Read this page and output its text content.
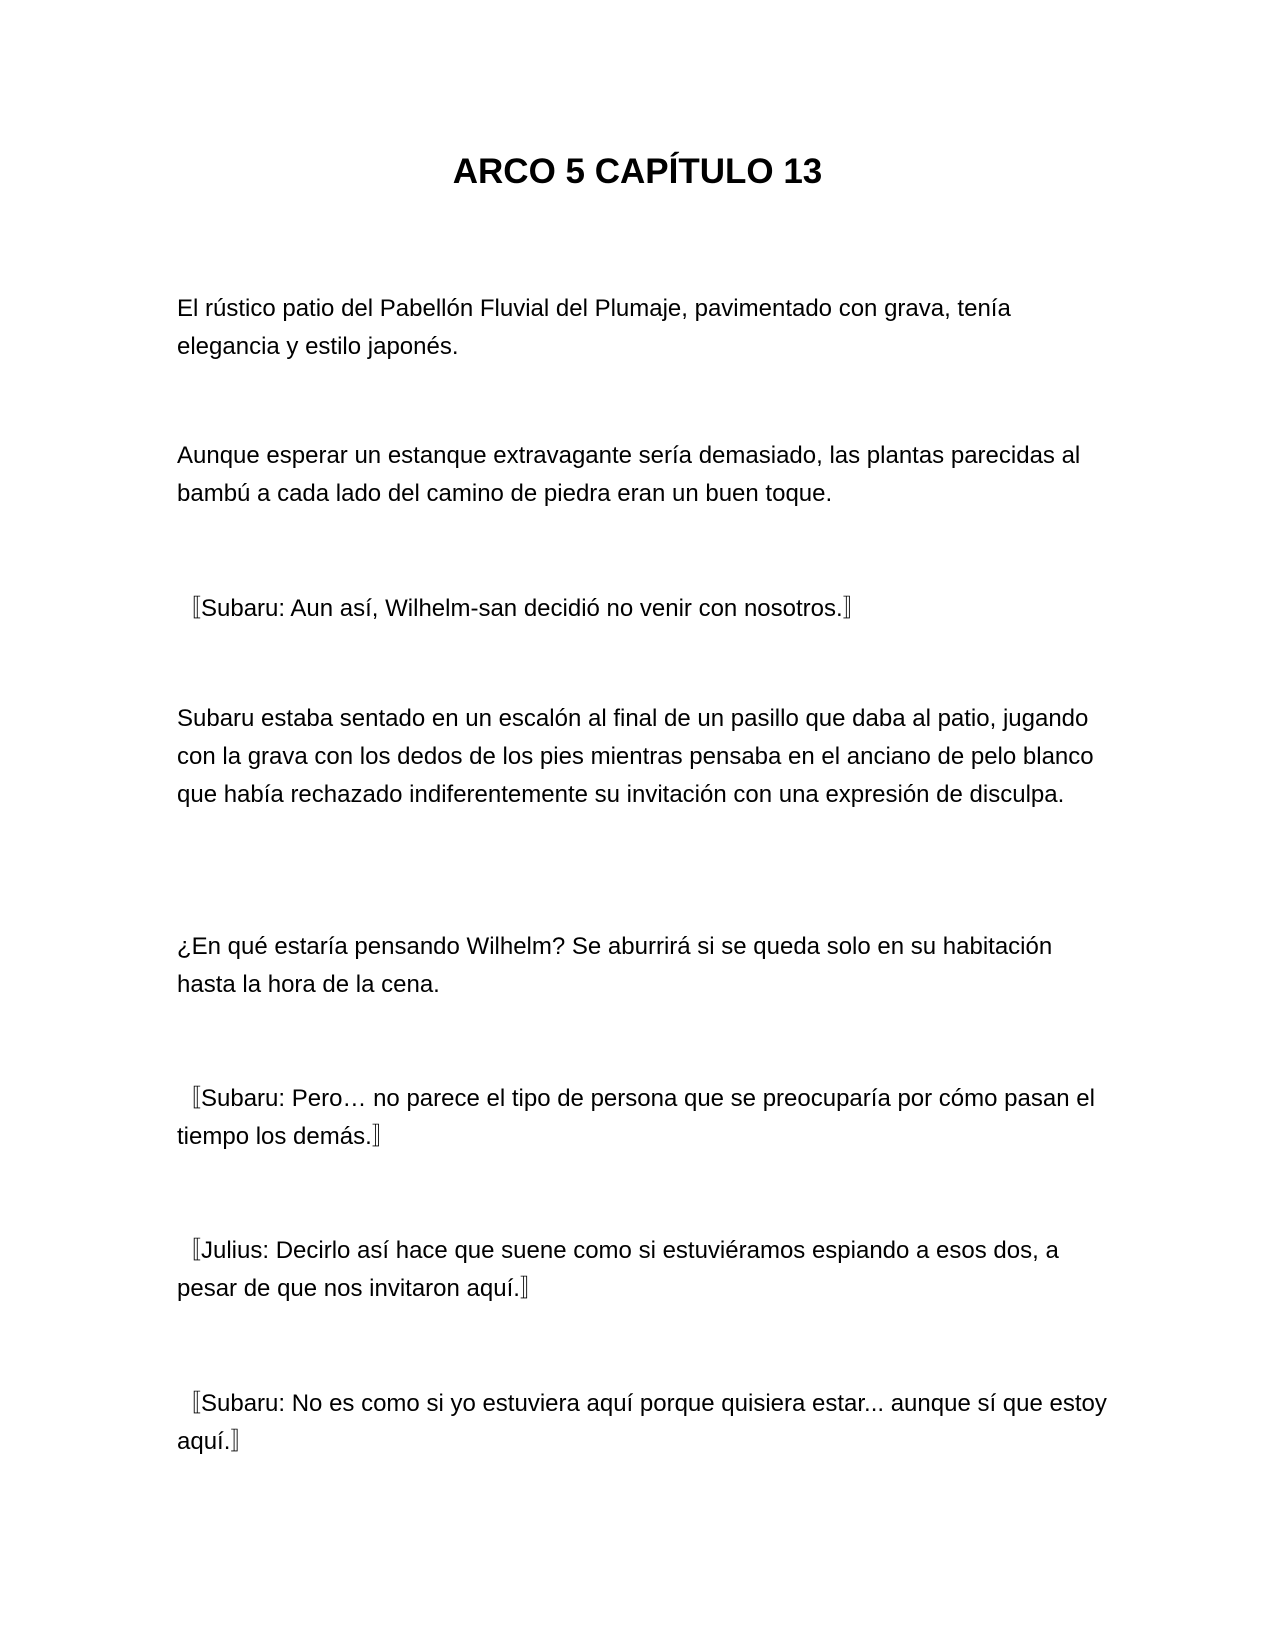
ARCO 5 CAPÍTULO 13

El rústico patio del Pabellón Fluvial del Plumaje, pavimentado con grava, tenía elegancia y estilo japonés.

Aunque esperar un estanque extravagante sería demasiado, las plantas parecidas al bambú a cada lado del camino de piedra eran un buen toque.

〚Subaru: Aun así, Wilhelm-san decidió no venir con nosotros.〛

Subaru estaba sentado en un escalón al final de un pasillo que daba al patio, jugando con la grava con los dedos de los pies mientras pensaba en el anciano de pelo blanco que había rechazado indiferentemente su invitación con una expresión de disculpa.

¿En qué estaría pensando Wilhelm? Se aburrirá si se queda solo en su habitación hasta la hora de la cena.

〚Subaru: Pero… no parece el tipo de persona que se preocuparía por cómo pasan el tiempo los demás.〛

〚Julius: Decirlo así hace que suene como si estuviéramos espiando a esos dos, a pesar de que nos invitaron aquí.〛

〚Subaru: No es como si yo estuviera aquí porque quisiera estar... aunque sí que estoy aquí.〛
